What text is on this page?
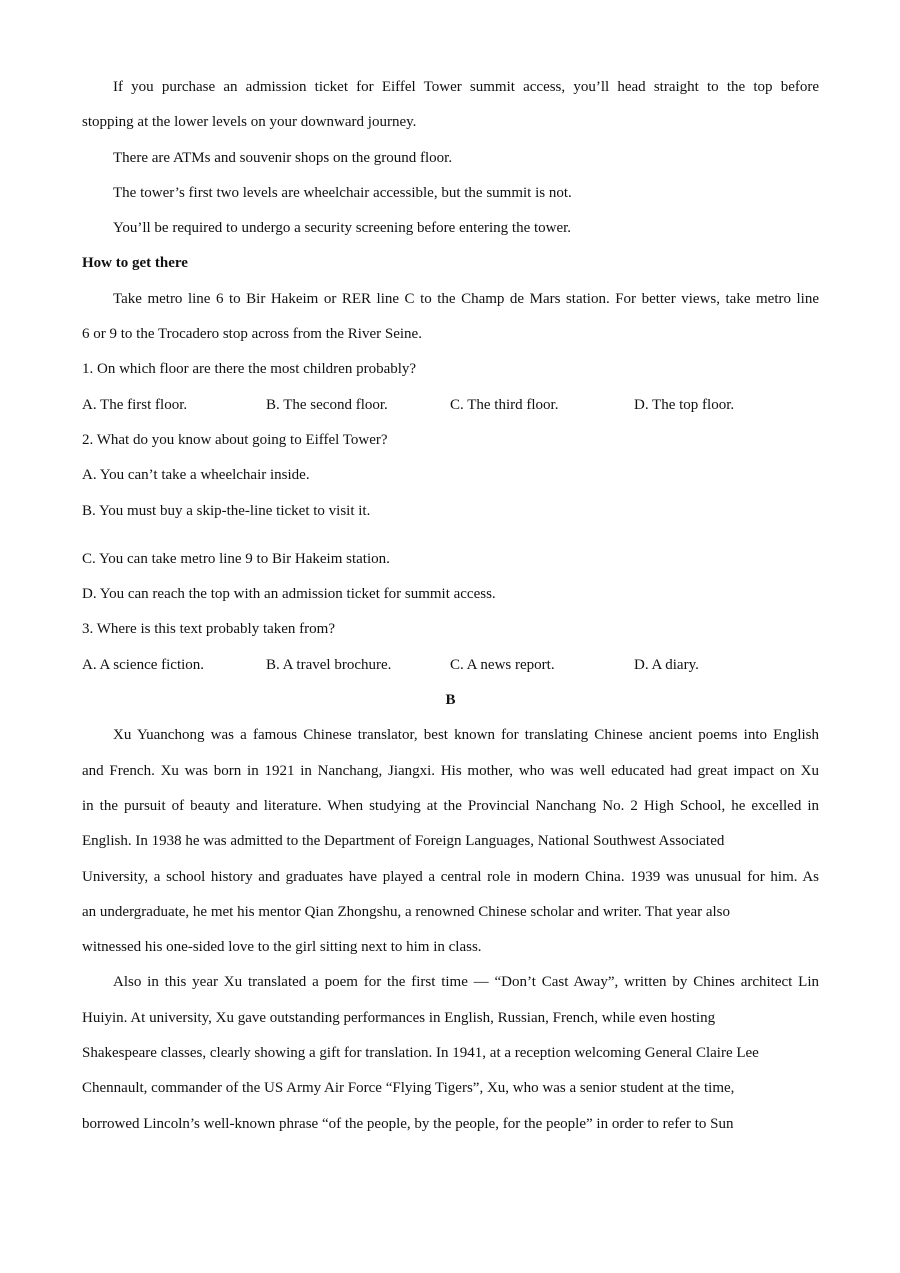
If you purchase an admission ticket for Eiffel Tower summit access, you’ll head straight to the top before
stopping at the lower levels on your downward journey.
There are ATMs and souvenir shops on the ground floor.
The tower’s first two levels are wheelchair accessible, but the summit is not.
You’ll be required to undergo a security screening before entering the tower.
How to get there
Take metro line 6 to Bir Hakeim or RER line C to the Champ de Mars station. For better views, take metro line
6 or 9 to the Trocadero stop across from the River Seine.
1. On which floor are there the most children probably?
A. The first floor.	B. The second floor.	C. The third floor.	D. The top floor.
2. What do you know about going to Eiffel Tower?
A. You can’t take a wheelchair inside.
B. You must buy a skip-the-line ticket to visit it.
C. You can take metro line 9 to Bir Hakeim station.
D. You can reach the top with an admission ticket for summit access.
3. Where is this text probably taken from?
A. A science fiction.	B. A travel brochure.	C. A news report.	D. A diary.
B
Xu Yuanchong was a famous Chinese translator, best known for translating Chinese ancient poems into English
and French. Xu was born in 1921 in Nanchang, Jiangxi. His mother, who was well educated had great impact on Xu
in the pursuit of beauty and literature. When studying at the Provincial Nanchang No. 2 High School, he excelled in
English. In 1938 he was admitted to the Department of Foreign Languages, National Southwest Associated
University, a school history and graduates have played a central role in modern China. 1939 was unusual for him. As
an undergraduate, he met his mentor Qian Zhongshu, a renowned Chinese scholar and writer. That year also
witnessed his one-sided love to the girl sitting next to him in class.
Also in this year Xu translated a poem for the first time — “Don’t Cast Away”, written by Chines architect Lin
Huiyin. At university, Xu gave outstanding performances in English, Russian, French, while even hosting
Shakespeare classes, clearly showing a gift for translation. In 1941, at a reception welcoming General Claire Lee
Chennault, commander of the US Army Air Force “Flying Tigers”, Xu, who was a senior student at the time,
borrowed Lincoln’s well-known phrase “of the people, by the people, for the people” in order to refer to Sun
